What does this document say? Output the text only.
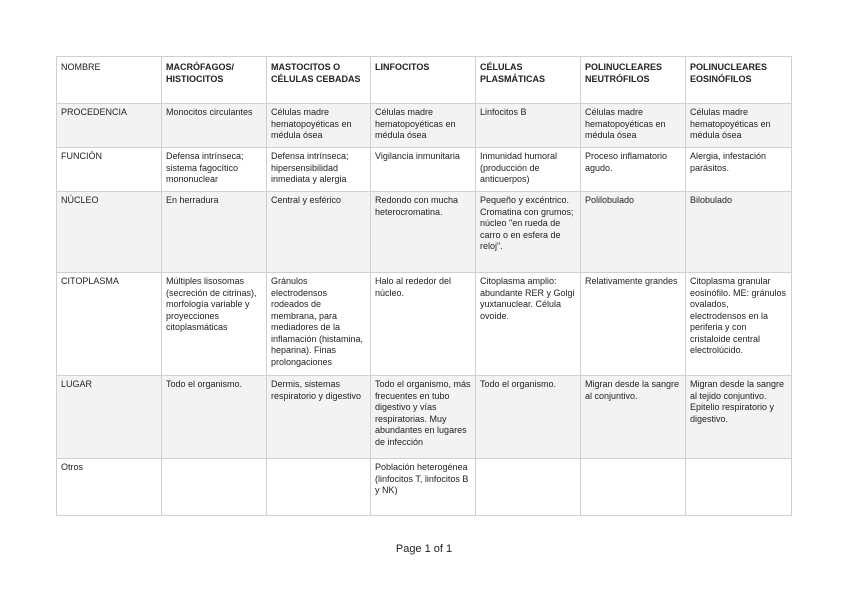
NOMBRE	MACRÓFAGOS/ HISTIOCITOS	MASTOCITOS O CÉLULAS CEBADAS	LINFOCITOS	CÉLULAS PLASMÁTICAS	POLINUCLEARES NEUTRÓFILOS	POLINUCLEARES EOSINÓFILOS
PROCEDENCIA	Monocitos circulantes	Células madre hematopoyéticas en médula ósea	Células madre hematopoyéticas en médula ósea	Linfocitos B	Células madre hematopoyéticas en médula ósea	Células madre hematopoyéticas en médula ósea
FUNCIÓN	Defensa intrínseca; sistema fagocítico mononuclear	Defensa intrínseca; hipersensibilidad inmediata y alergia	Vigilancia inmunitaria	Inmunidad humoral (producción de anticuerpos)	Proceso inflamatorio agudo.	Alergia, infestación parásitos.
NÚCLEO	En herradura	Central y esférico	Redondo con mucha heterocromatina.	Pequeño y excéntrico. Cromatina con grumos; núcleo "en rueda de carro o en esfera de reloj".	Polilobulado	Bilobulado
CITOPLASMA	Múltiples lisosomas (secreción de citrinas), morfología variable y proyecciones citoplasmáticas	Gránulos electrodensos rodeados de membrana, para mediadores de la inflamación (histamina, heparina). Finas prolongaciones	Halo al rededor del núcleo.	Citoplasma amplio: abundante RER y Golgi yuxtanuclear. Célula ovoide.	Relativamente grandes	Citoplasma granular eosinófilo. ME: gránulos ovalados, electrodensos en la periferia y con cristaloide central electrolúcido.
LUGAR	Todo el organismo.	Dermis, sistemas respiratorio y digestivo	Todo el organismo, más frecuentes en tubo digestivo y vías respiratorias. Muy abundantes en lugares de infección	Todo el organismo.	Migran desde la sangre al conjuntivo.	Migran desde la sangre al tejido conjuntivo. Epitelio respiratorio y digestivo.
Otros			Población heterogénea (linfocitos T, linfocitos B y NK)			
Page 1 of 1
